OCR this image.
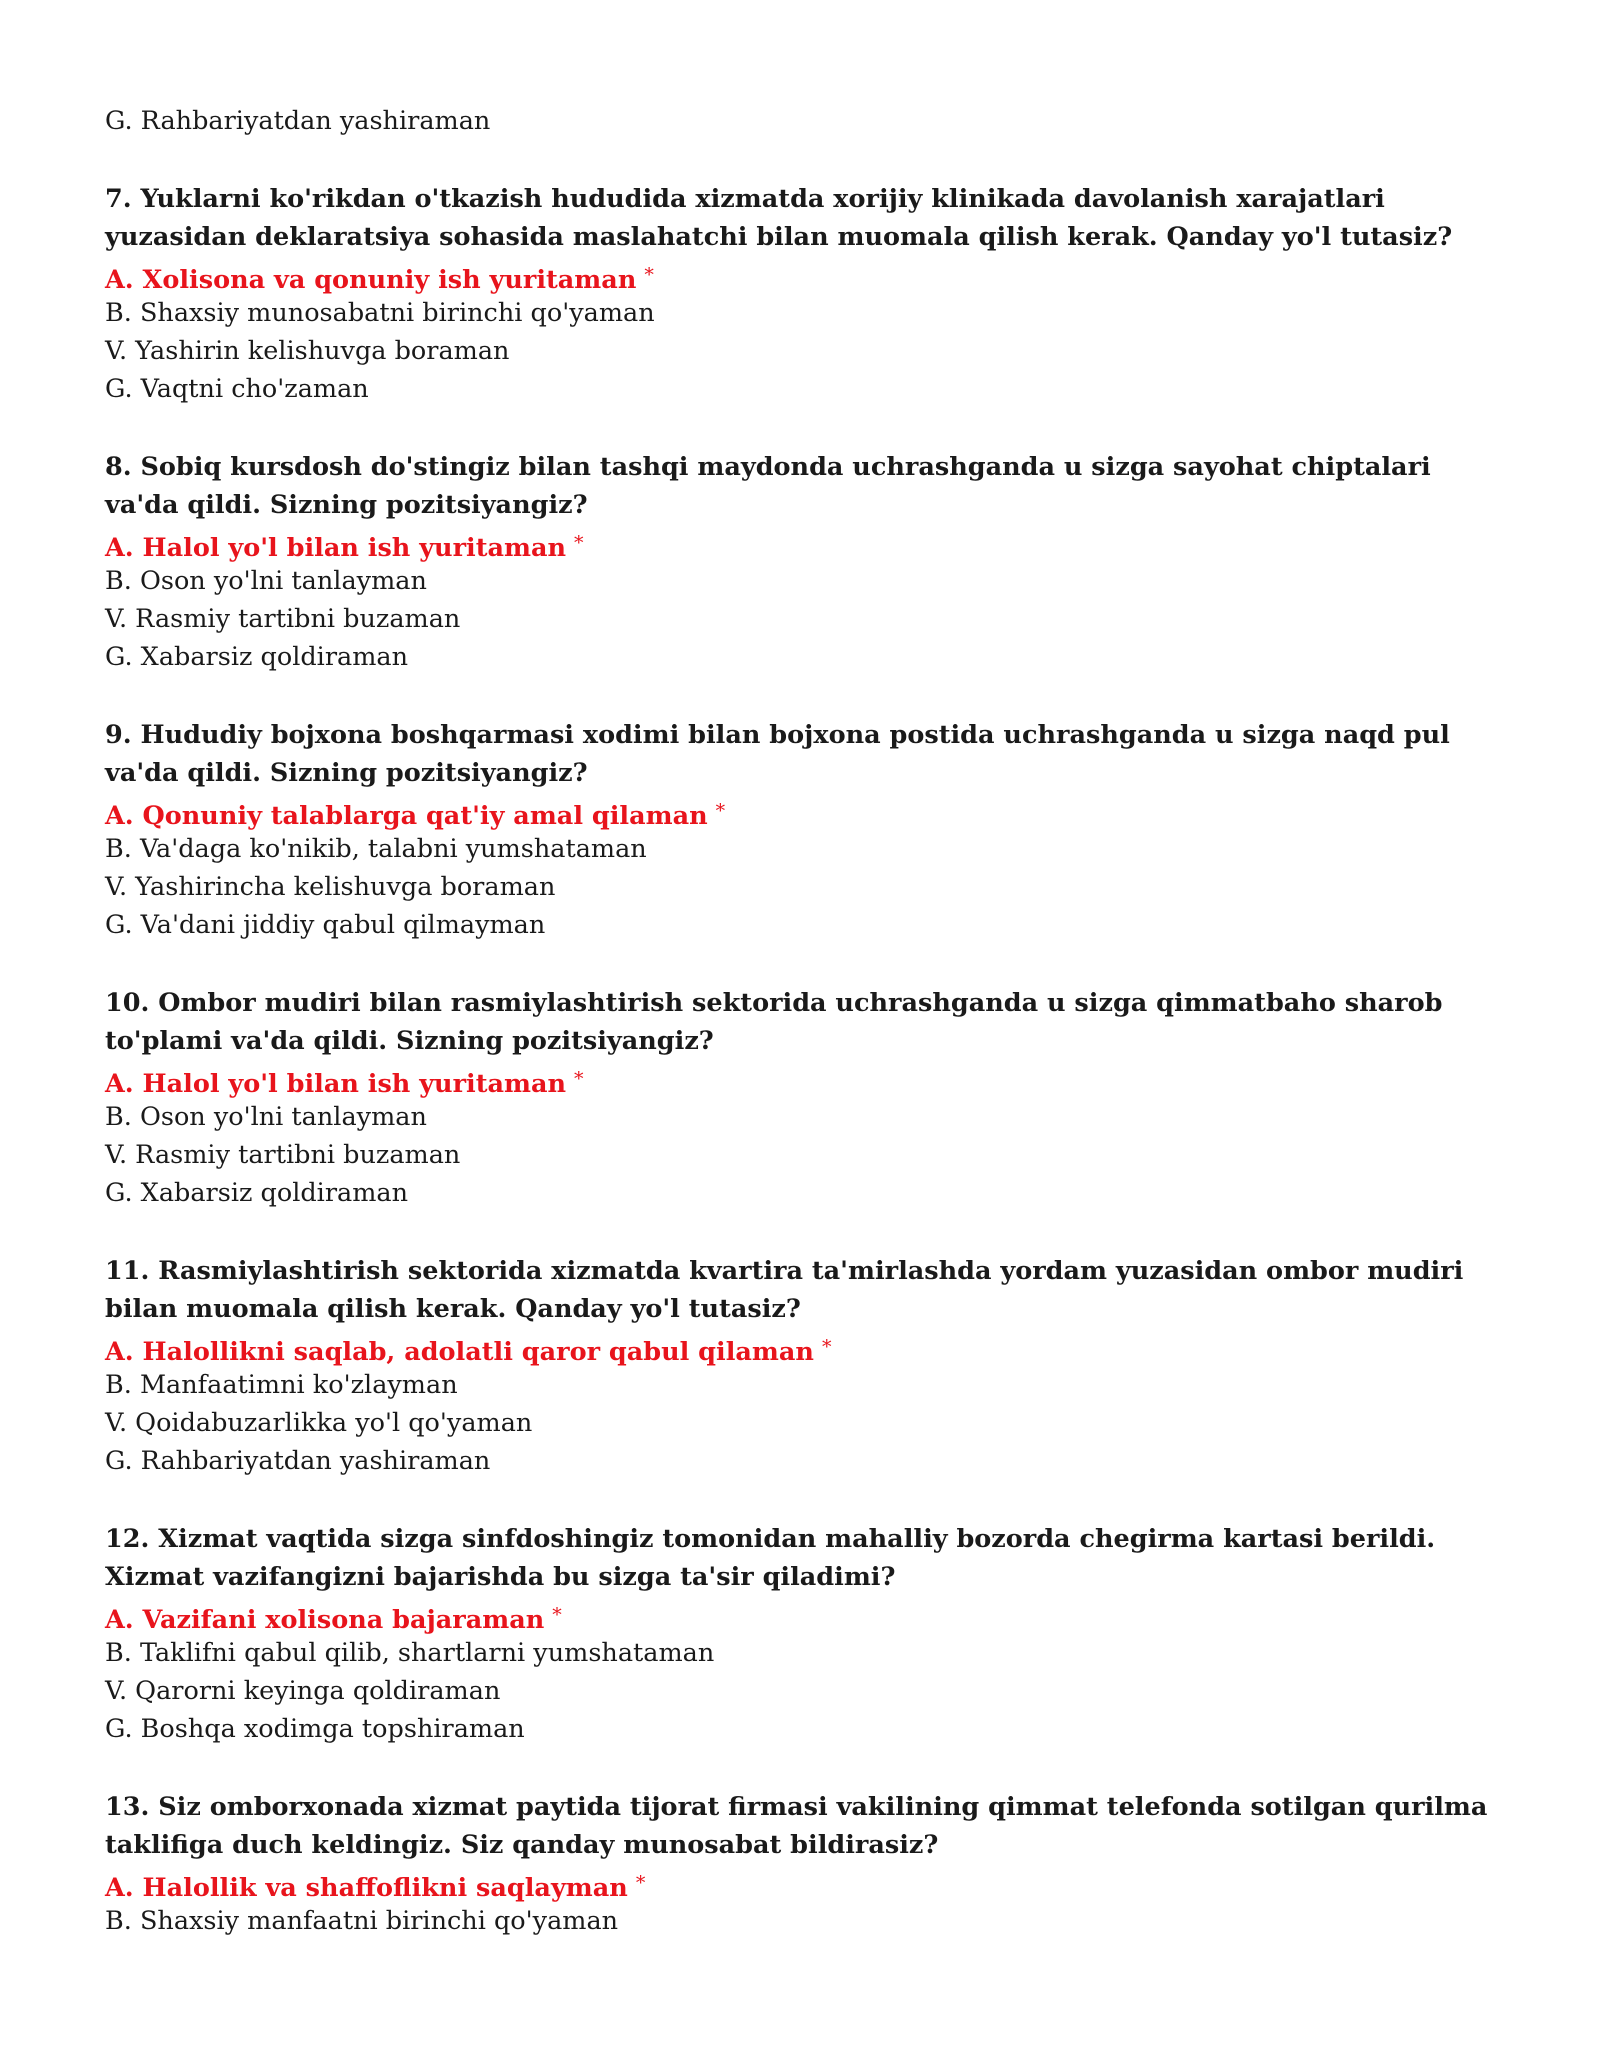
G. Rahbariyatdan yashiraman

7. Yuklarni ko'rikdan o'tkazish hududida xizmatda xorijiy klinikada davolanish xarajatlari yuzasidan deklaratsiya sohasida maslahatchi bilan muomala qilish kerak. Qanday yo'l tutasiz?

A. Xolisona va qonuniy ish yuritaman *
B. Shaxsiy munosabatni birinchi qo'yaman
V. Yashirin kelishuvga boraman
G. Vaqtni cho'zaman

8. Sobiq kursdosh do'stingiz bilan tashqi maydonda uchrashganda u sizga sayohat chiptalari va'da qildi. Sizning pozitsiyangiz?

A. Halol yo'l bilan ish yuritaman *
B. Oson yo'lni tanlayman
V. Rasmiy tartibni buzaman
G. Xabarsiz qoldiraman

9. Hududiy bojxona boshqarmasi xodimi bilan bojxona postida uchrashganda u sizga naqd pul va'da qildi. Sizning pozitsiyangiz?

A. Qonuniy talablarga qat'iy amal qilaman *
B. Va'daga ko'nikib, talabni yumshataman
V. Yashirincha kelishuvga boraman
G. Va'dani jiddiy qabul qilmayman

10. Ombor mudiri bilan rasmiylashtirish sektorida uchrashganda u sizga qimmatbaho sharob to'plami va'da qildi. Sizning pozitsiyangiz?

A. Halol yo'l bilan ish yuritaman *
B. Oson yo'lni tanlayman
V. Rasmiy tartibni buzaman
G. Xabarsiz qoldiraman

11. Rasmiylashtirish sektorida xizmatda kvartira ta'mirlashda yordam yuzasidan ombor mudiri bilan muomala qilish kerak. Qanday yo'l tutasiz?

A. Halollikni saqlab, adolatli qaror qabul qilaman *
B. Manfaatimni ko'zlayman
V. Qoidabuzarlikka yo'l qo'yaman
G. Rahbariyatdan yashiraman

12. Xizmat vaqtida sizga sinfdoshingiz tomonidan mahalliy bozorda chegirma kartasi berildi. Xizmat vazifangizni bajarishda bu sizga ta'sir qiladimi?

A. Vazifani xolisona bajaraman *
B. Taklifni qabul qilib, shartlarni yumshataman
V. Qarorni keyinga qoldiraman
G. Boshqa xodimga topshiraman

13. Siz omborxonada xizmat paytida tijorat firmasi vakilining qimmat telefonda sotilgan qurilma taklifiga duch keldingiz. Siz qanday munosabat bildirasiz?

A. Halollik va shaffoflikni saqlayman *
B. Shaxsiy manfaatni birinchi qo'yaman
